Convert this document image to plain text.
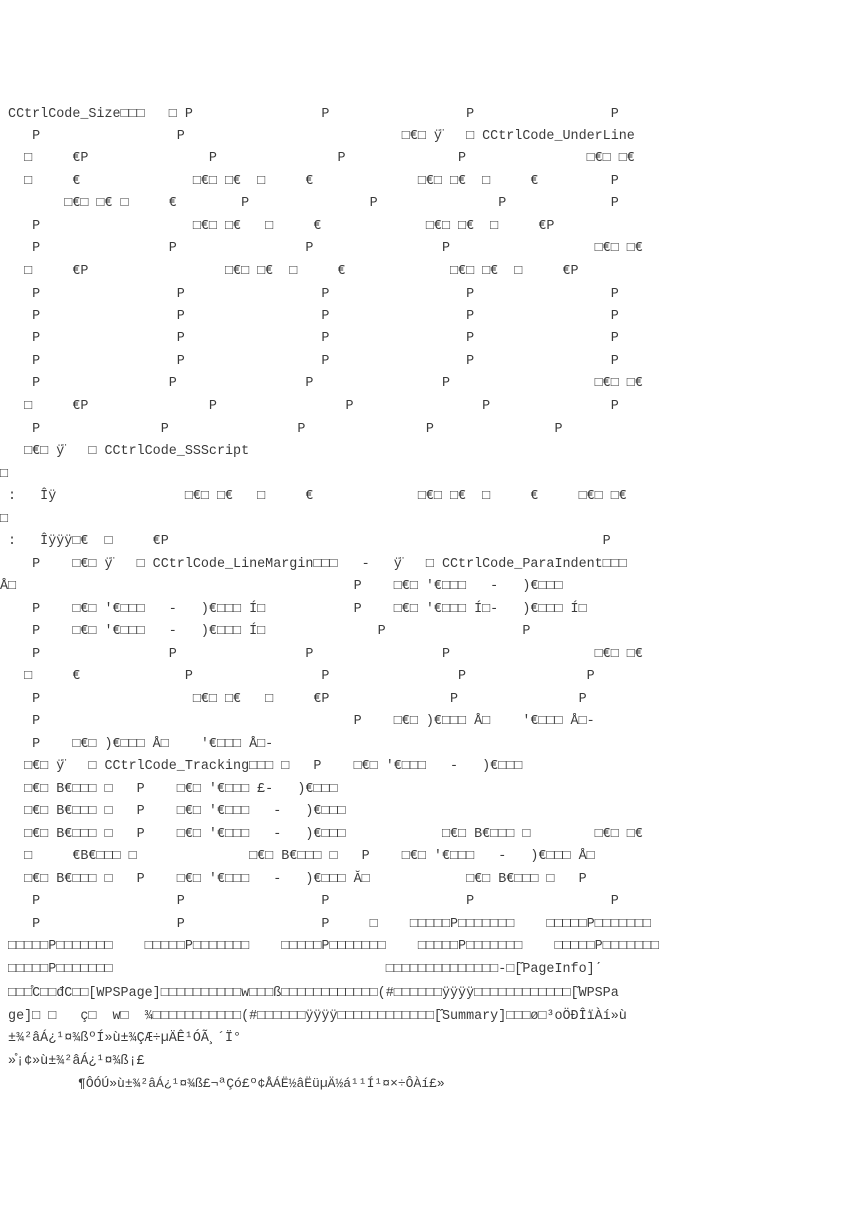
CCtrlCode_Size□□□   □ P                P                 P                 P
P                 P                           □€□ ÿ̈   □ CCtrlCode_UnderLine
□     €P               P               P              P               □€□ □€
□     €              □€□ □€  □     €             □€□ □€  □     €         P
□€□ □€ □     €        P               P               P             P
P                   □€□ □€   □     €             □€□ □€  □     €P
P                P                P                P                  □€□ □€
□     €P                 □€□ □€  □     €             □€□ □€  □     €P
P                 P                 P                 P                 P
P                 P                 P                 P                 P
P                 P                 P                 P                 P
P                 P                 P                 P                 P
P                P                P                P                  □€□ □€
□     €P               P                P                P               P
P               P                P               P               P
□€□ ÿ̈   □ CCtrlCode_SSScript
□
:   Îÿ                □€□ □€   □     €             □€□ □€  □     €     □€□ □€
□
:   Îÿÿÿ□€  □     €P                                                      P
P    □€□ ÿ̈   □ CCtrlCode_LineMargin□□□   -   ÿ̈   □ CCtrlCode_ParaIndent□□□
Å□                                          P    □€□ '€□□□   -   )€□□□
P    □€□ '€□□□   -   )€□□□ Í□           P    □€□ '€□□□ Í□-   )€□□□ Í□
P    □€□ '€□□□   -   )€□□□ Í□              P                 P
P                P                P                P                  □€□ □€
□     €             P                P                P               P
P                   □€□ □€   □     €P               P               P
P                                       P    □€□ )€□□□ Å□    '€□□□ Å□-
P    □€□ )€□□□ Å□    '€□□□ Å□-
□€□ ÿ̈   □ CCtrlCode_Tracking□□□ □   P    □€□ '€□□□   -   )€□□□
□€□ B€□□□ □   P    □€□ '€□□□ £-   )€□□□
□€□ B€□□□ □   P    □€□ '€□□□   -   )€□□□
□€□ B€□□□ □   P    □€□ '€□□□   -   )€□□□            □€□ B€□□□ □        □€□ □€
□     €B€□□□ □              □€□ B€□□□ □   P    □€□ '€□□□   -   )€□□□ Å□
□€□ B€□□□ □   P    □€□ '€□□□   -   )€□□□ Ă□            □€□ B€□□□ □   P
P                 P                 P                 P                 P
P                 P                 P     □    □□□□□P□□□□□□□    □□□□□P□□□□□□□
□□□□□P□□□□□□□    □□□□□P□□□□□□□    □□□□□P□□□□□□□    □□□□□P□□□□□□□    □□□□□P□□□□□□□
□□□□□P□□□□□□□                                  □□□□□□□□□□□□□□-□[̂PageInfo]ˊ
□□□̊C□□đC□□[WPSPage]□□□□□□□□□□w□□□ß□□□□□□□□□□□□(#□□□□□□ÿÿÿÿ□□□□□□□□□□□□[̂WPSPa
ge]□ □   ç□  w□  ¾□□□□□□□□□□□(#□□□□□□ÿÿÿÿ□□□□□□□□□□□□[̂Summary]□□□ø□³oÖÐÎïÀí»ù
±¾²âÁ¿¹¤¾ßºÍ»ù±¾ÇÆ÷µÄÊ¹ÓÃ¸´Ï°
»̊¡¢»ù±¾²âÁ¿¹¤¾ß¡£
¶ÔÓÚ»ù±¾²âÁ¿¹¤¾ß£¬ªÇó£º¢ÅÁË½âËüµÄ½á¹¹Í¹¤×÷ÔÀí£»
